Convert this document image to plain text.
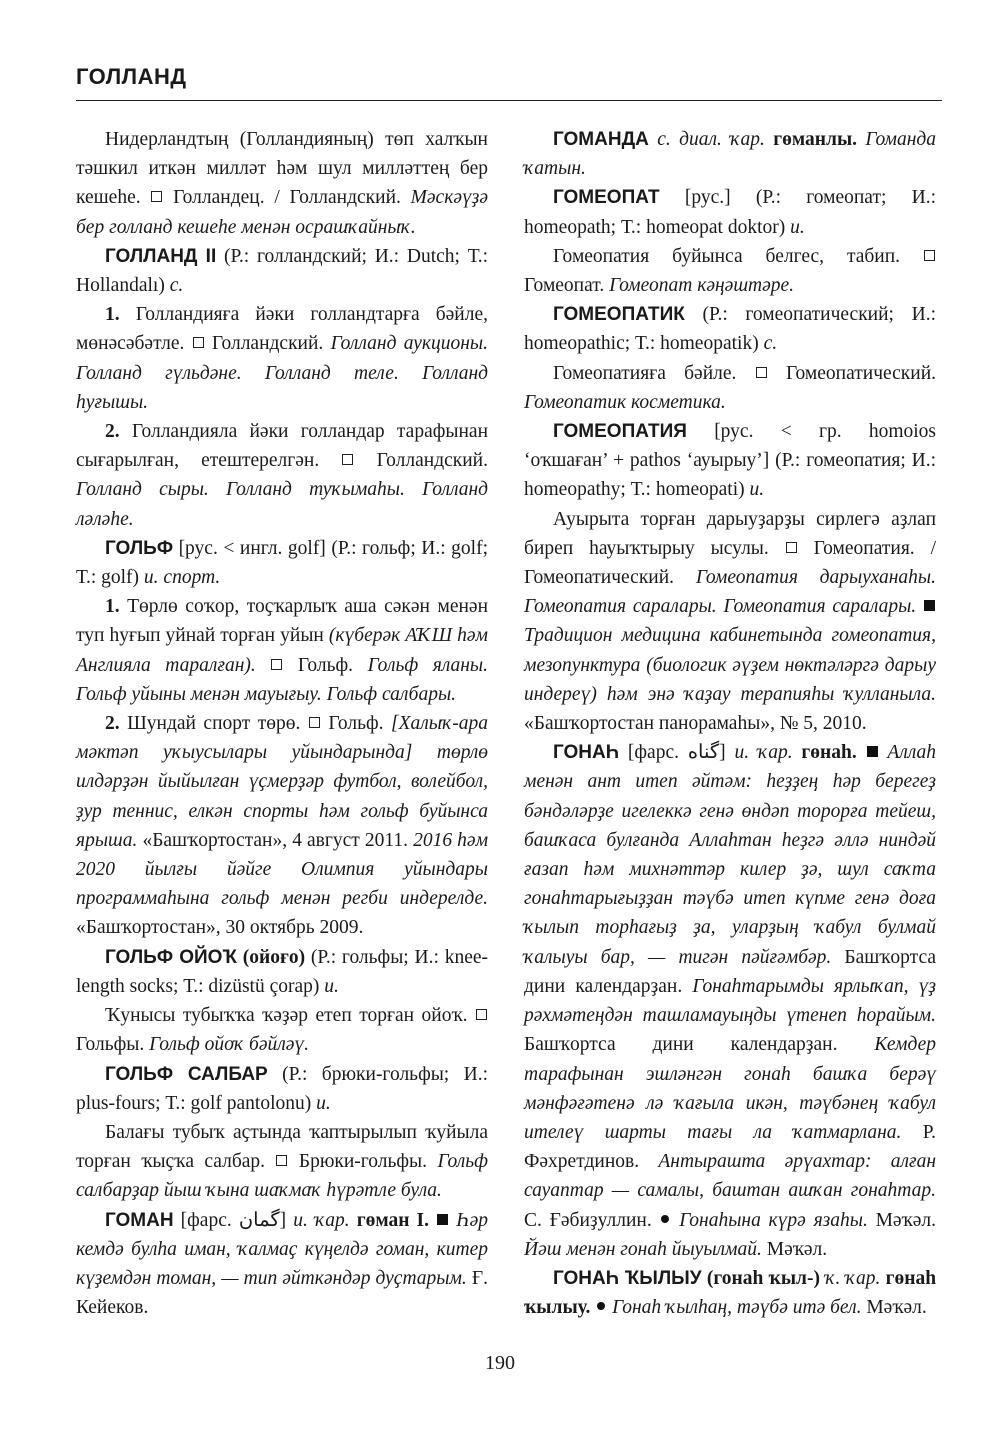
ГОЛЛАНД

Нидерландтың (Голландияның) төп халҡын тәшкил иткән милләт һәм шул милләттең бер кешеһе. Голландец. / Голландский. Мәскәүҙә бер голланд кешеһе менән осрашҡайныҡ.

ГОЛЛАНД II (Р.: голландский; И.: Dutch; Т.: Hollandalı) с.

1. Голландияға йәки голландтарға бәйле, мөнәсәбәтле. Голландский. Голланд аукционы. Голланд гүльдәне. Голланд теле. Голланд һуғышы.

2. Голландияла йәки голландар тарафынан сығарылған, етештерелгән.	Голландский. Голланд сыры. Голланд туҡымаһы. Голланд ләләһе.

ГОЛЬФ [рус. < ингл. golf] (Р.: гольф; И.: golf; Т.: golf) и. спорт.

1. Төрлө соҡор, тоҫҡарлыҡ аша сәкән менән туп һуғып уйнай торған уйын (күберәк АҠШ һәм Англияла таралған). Гольф. Гольф яланы. Гольф уйыны менән мауығыу. Гольф салбары.

2. Шундай спорт төрө. Гольф. [Халыҡ-ара мәктәп уҡыусылары уйындарында] төрлө илдәрҙән йыйылған үҫмерҙәр футбол, волейбол, ҙур теннис, елкән спорты һәм гольф буйынса ярыша. «Башҡортостан», 4 август 2011. 2016 һәм 2020 йылғы йәйге Олимпия уйындары программаһына гольф менән регби индерелде. «Башҡортостан», 30 октябрь 2009.

ГОЛЬФ ОЙОҠ (ойоғо) (Р.: гольфы; И.: knee-length socks; Т.: dizüstü çorap) и.

Ҡунысы тубыҡҡа ҡәҙәр етеп торған ойоҡ.  Гольфы. Гольф ойоҡ бәйләү.

ГОЛЬФ САЛБАР (Р.: брюки-гольфы; И.: plus-fours; Т.: golf pantolonu) и.

Балағы тубыҡ аҫтында ҡаптырылып ҡуйыла торған ҡыҫҡа салбар. Брюки-гольфы. Гольф салбарҙар йыш ҡына шаҡмаҡ һүрәтле була.

ГОМАН [фарс. گمان] и. ҡар. гөман I. Һәр кемдә булһа иман, ҡалмаҫ күңелдә гоман, китер күҙемдән томан, — тип әйткәндәр дуҫтарым. Ғ. Кейеков.

ГОМАНДА с. диал. ҡар. гөманлы. Гоманда ҡатын.

ГОМЕОПАТ [рус.] (Р.: гомеопат; И.: homeopath; Т.: homeopat doktor) и.

Гомеопатия буйынса белгес, табип.  Гомеопат. Гомеопат кәңәштәре.

ГОМЕОПАТИК (Р.: гомеопатический; И.: homeopathic; Т.: homeopatik) с.

Гомеопатияға бәйле.	Гомеопатический. Гомеопатик косметика.

ГОМЕОПАТИЯ [рус. < гр. homoios ‘оҡшаған’ + pathos ‘ауырыу’] (Р.: гомеопатия; И.: homeopathy; Т.: homeopati) и.

Ауырыта торған дарыуҙарҙы сирлегә аҙлап биреп һауыҡтырыу ысулы. Гомеопатия. / Гомеопатический. Гомеопатия дарыуханаһы. Гомеопатия саралары. Гомеопатия саралары.  Традицион медицина кабинетында гомеопатия, мезопунктура (биологик әүҙем нөктәләргә дарыу индереү) һәм энә ҡаҙау терапияһы ҡулланыла. «Башҡортостан панорамаһы», № 5, 2010.

ГОНАҺ [фарс. گناه] и. ҡар. гөнаһ. Аллаһ менән ант итеп әйтәм: һеҙҙең һәр берегеҙ бәндәләрҙе игелеккә генә өндәп торорға тейеш, башҡаса булғанда Аллаһтан һеҙгә әллә ниндәй ғазап һәм михнәттәр килер ҙә, шул саҡта гонаһтарығыҙҙан тәүбә итеп күпме генә доға ҡылып торһағыҙ ҙа, уларҙың ҡабул булмай ҡалыуы бар, — тигән пәйғәмбәр. Башҡортса дини календарҙан. Гонаһтарымды ярлыҡап, үҙ рәхмәтеңдән ташламауыңды үтенеп һорайым. Башҡортса дини календарҙан. Кемдер тарафынан эшләнгән гонаһ башҡа берәү мәнфәғәтенә лә ҡағыла икән, тәүбәнең ҡабул ителеү шарты тағы ла ҡатмарлана. Р. Фәхретдинов. Антыраштa әрүахтар: алған сауаптар — самалы, баштан ашҡан гонаһтар. С. Ғәбиҙуллин. Гонаһына күрә язаһы. Мәҡәл. Йәш менән гонаһ йыуылмай. Мәҡәл.

ГОНАҺ ҠЫЛЫУ (гонаһ ҡыл-) ҡ. ҡар. гөнаһ ҡылыу. Гонаһ ҡылһаң, тәүбә итә бел. Мәҡәл.

190
